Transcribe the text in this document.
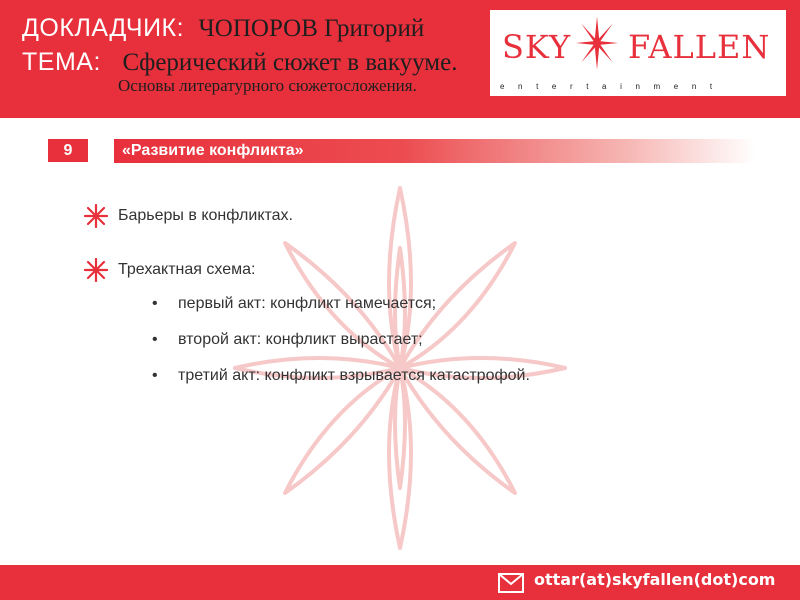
ДОКЛАДЧИК: ЧОПОРОВ Григорий
ТЕМА: Сферический сюжет в вакууме.
Основы литературного сюжетосложения.
SKY FALLEN
entertainment
9	«Развитие конфликта»
Барьеры в конфликтах.
Трехактная схема:
• первый акт: конфликт намечается;
• второй акт: конфликт вырастает;
• третий акт: конфликт взрывается катастрофой.
ottar(at)skyfallen(dot)com
